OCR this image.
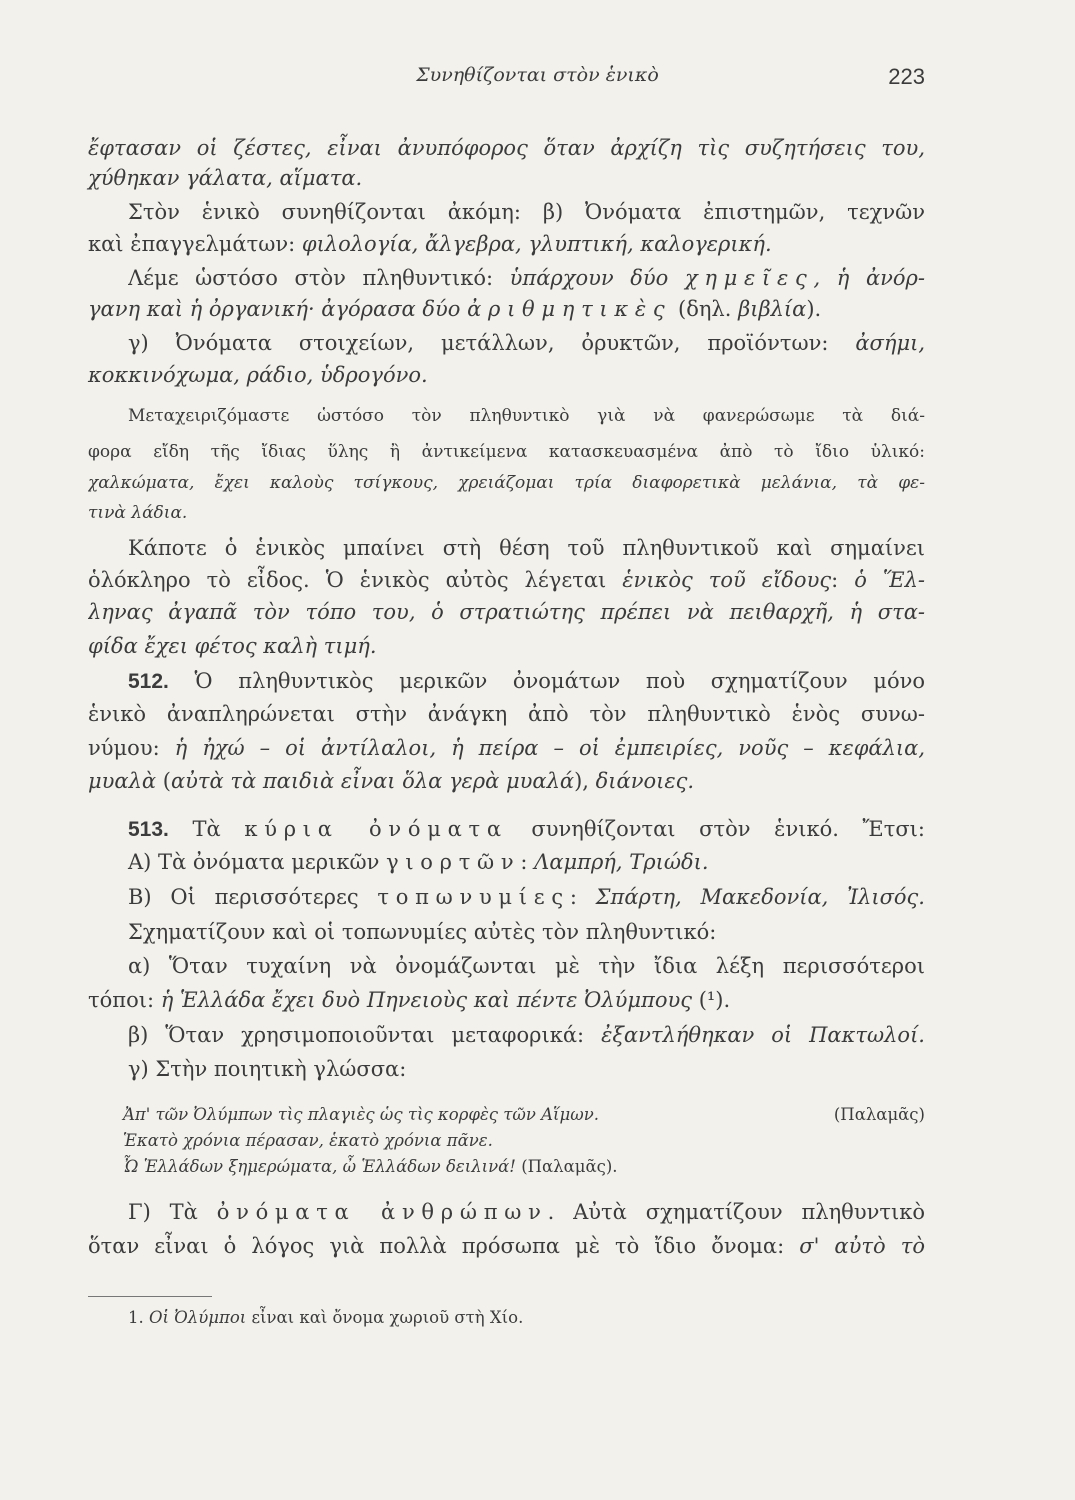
Συνηθίζονται στὸν ἑνικὸ	223
ἔφτασαν οἱ ζέστες, εἶναι ἀνυπόφορος ὅταν ἀρχίζη τὶς συζητήσεις του,
χύθηκαν γάλατα, αἵματα.
Στὸν ἑνικὸ συνηθίζονται ἀκόμη: β) Ὀνόματα ἐπιστημῶν, τεχνῶν
καὶ ἐπαγγελμάτων: φιλολογία, ἄλγεβρα, γλυπτική, καλογερική.
Λέμε ὡστόσο στὸν πληθυντικό: ὑπάρχουν δύο χημεῖες, ἡ ἀνόρ-
γανη καὶ ἡ ὀργανική· ἀγόρασα δύο ἀριθμητικὲς (δηλ. βιβλία).
γ) Ὀνόματα στοιχείων, μετάλλων, ὀρυκτῶν, προϊόντων: ἀσήμι,
κοκκινόχωμα, ράδιο, ὑδρογόνο.
Μεταχειριζόμαστε ὡστόσο τὸν πληθυντικὸ γιὰ νὰ φανερώσωμε τὰ διά-
φορα εἴδη τῆς ἴδιας ὕλης ἢ ἀντικείμενα κατασκευασμένα ἀπὸ τὸ ἴδιο ὑλικό:
χαλκώματα, ἔχει καλοὺς τσίγκους, χρειάζομαι τρία διαφορετικὰ μελάνια, τὰ φε-
τινὰ λάδια.
Κάποτε ὁ ἑνικὸς μπαίνει στὴ θέση τοῦ πληθυντικοῦ καὶ σημαίνει
ὁλόκληρο τὸ εἶδος. Ὁ ἑνικὸς αὐτὸς λέγεται ἑνικὸς τοῦ εἴδους: ὁ Ἕλ-
ληνας ἀγαπᾶ τὸν τόπο του, ὁ στρατιώτης πρέπει νὰ πειθαρχῆ, ἡ στα-
φίδα ἔχει φέτος καλὴ τιμή.
512. Ὁ πληθυντικὸς μερικῶν ὀνομάτων ποὺ σχηματίζουν μόνο
ἑνικὸ ἀναπληρώνεται στὴν ἀνάγκη ἀπὸ τὸν πληθυντικὸ ἑνὸς συνω-
νύμου: ἡ ἠχώ – οἱ ἀντίλαλοι, ἡ πείρα – οἱ ἐμπειρίες, νοῦς – κεφάλια,
μυαλὰ (αὐτὰ τὰ παιδιὰ εἶναι ὅλα γερὰ μυαλά), διάνοιες.
513. Τὰ κύρια ὀνόματα συνηθίζονται στὸν ἑνικό. Ἔτσι:
Α) Τὰ ὀνόματα μερικῶν γιορτῶν: Λαμπρή, Τριώδι.
Β) Οἱ περισσότερες τοπωνυμίες: Σπάρτη, Μακεδονία, Ἰλισός.
Σχηματίζουν καὶ οἱ τοπωνυμίες αὐτὲς τὸν πληθυντικό:
α) Ὅταν τυχαίνη νὰ ὀνομάζωνται μὲ τὴν ἴδια λέξη περισσότεροι
τόποι: ἡ Ἑλλάδα ἔχει δυὸ Πηνειοὺς καὶ πέντε Ὀλύμπους (¹).
β) Ὅταν χρησιμοποιοῦνται μεταφορικά: ἐξαντλήθηκαν οἱ Πακτωλοί.
γ) Στὴν ποιητικὴ γλώσσα:
Ἀπ' τῶν Ὀλύμπων τὶς πλαγιὲς ὡς τὶς κορφὲς τῶν Αἵμων.	(Παλαμᾶς)
Ἑκατὸ χρόνια πέρασαν, ἑκατὸ χρόνια πᾶνε.
Ὦ Ἑλλάδων ξημερώματα, ὦ Ἑλλάδων δειλινά! (Παλαμᾶς).
Γ) Τὰ ὀνόματα ἀνθρώπων. Αὐτὰ σχηματίζουν πληθυντικὸ
ὅταν εἶναι ὁ λόγος γιὰ πολλὰ πρόσωπα μὲ τὸ ἴδιο ὄνομα: σ' αὐτὸ τὸ
1. Οἱ Ὀλύμποι εἶναι καὶ ὄνομα χωριοῦ στὴ Χίο.
